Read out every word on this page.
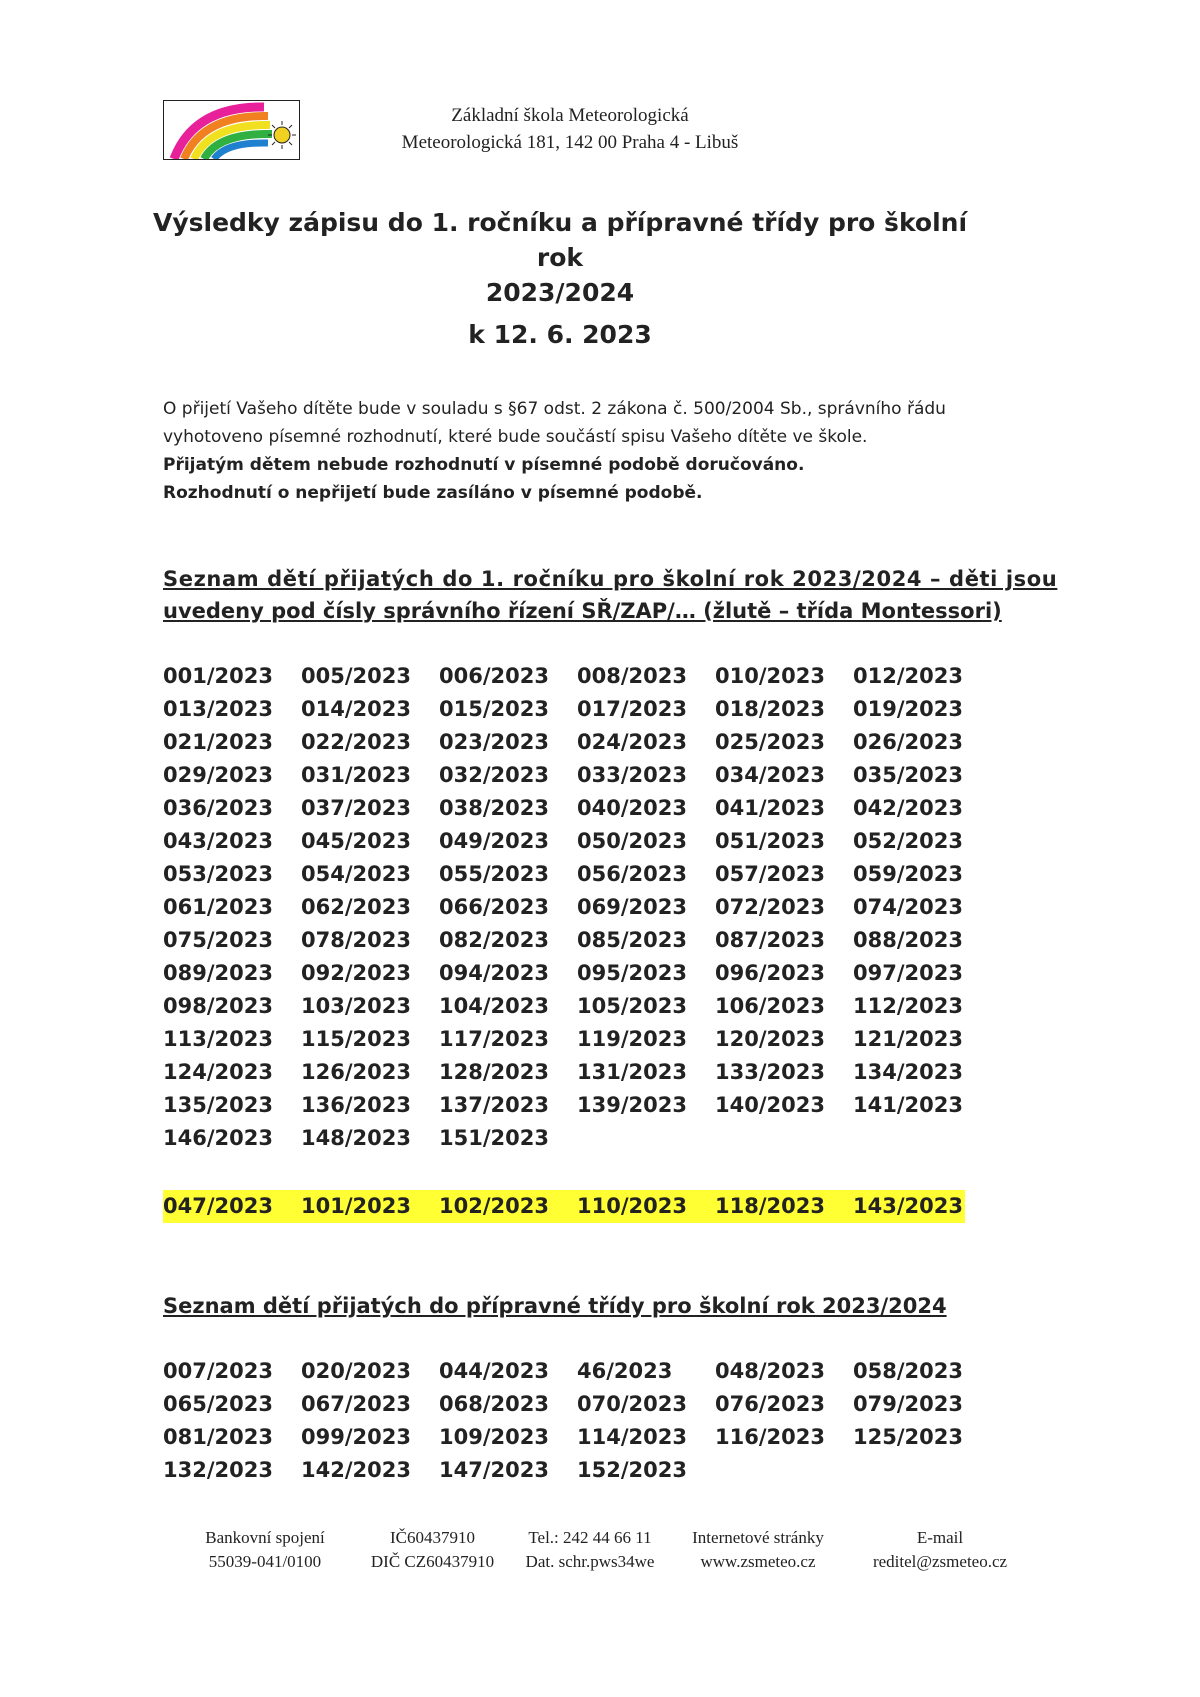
Základní škola Meteorologická
Meteorologická 181, 142 00 Praha 4 - Libuš
Výsledky zápisu do 1. ročníku a přípravné třídy pro školní rok
2023/2024
k 12. 6. 2023
O přijetí Vašeho dítěte bude v souladu s §67 odst. 2 zákona č. 500/2004 Sb., správního řádu
vyhotoveno písemné rozhodnutí, které bude součástí spisu Vašeho dítěte ve škole.
Přijatým dětem nebude rozhodnutí v písemné podobě doručováno.
Rozhodnutí o nepřijetí bude zasíláno v písemné podobě.
Seznam dětí přijatých do 1. ročníku pro školní rok 2023/2024 – děti jsou
uvedeny pod čísly správního řízení SŘ/ZAP/… (žlutě – třída Montessori)
001/2023	005/2023	006/2023	008/2023	010/2023	012/2023
013/2023	014/2023	015/2023	017/2023	018/2023	019/2023
021/2023	022/2023	023/2023	024/2023	025/2023	026/2023
029/2023	031/2023	032/2023	033/2023	034/2023	035/2023
036/2023	037/2023	038/2023	040/2023	041/2023	042/2023
043/2023	045/2023	049/2023	050/2023	051/2023	052/2023
053/2023	054/2023	055/2023	056/2023	057/2023	059/2023
061/2023	062/2023	066/2023	069/2023	072/2023	074/2023
075/2023	078/2023	082/2023	085/2023	087/2023	088/2023
089/2023	092/2023	094/2023	095/2023	096/2023	097/2023
098/2023	103/2023	104/2023	105/2023	106/2023	112/2023
113/2023	115/2023	117/2023	119/2023	120/2023	121/2023
124/2023	126/2023	128/2023	131/2023	133/2023	134/2023
135/2023	136/2023	137/2023	139/2023	140/2023	141/2023
146/2023	148/2023	151/2023
047/2023	101/2023	102/2023	110/2023	118/2023	143/2023
Seznam dětí přijatých do přípravné třídy pro školní rok 2023/2024
007/2023	020/2023	044/2023	46/2023	048/2023	058/2023
065/2023	067/2023	068/2023	070/2023	076/2023	079/2023
081/2023	099/2023	109/2023	114/2023	116/2023	125/2023
132/2023	142/2023	147/2023	152/2023
Bankovní spojení
55039-041/0100
IČ60437910
DIČ CZ60437910
Tel.: 242 44 66 11
Dat. schr.pws34we
Internetové stránky
www.zsmeteo.cz
E-mail
reditel@zsmeteo.cz
